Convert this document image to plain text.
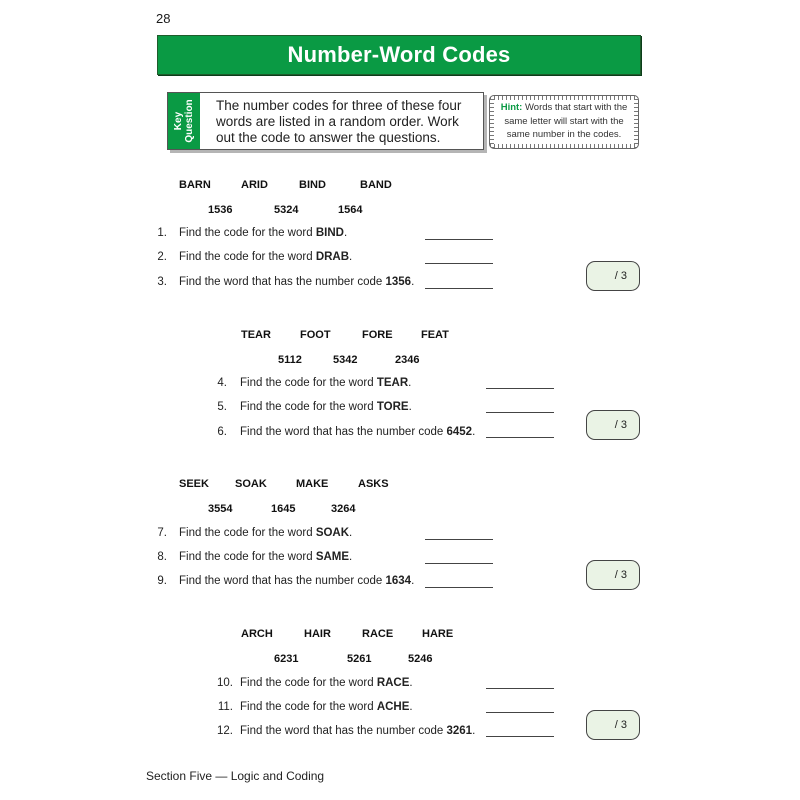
28
Number-Word Codes
Key
Question The number codes for three of these four words are listed in a random order. Work out the code to answer the questions.
Hint: Words that start with the same letter will start with the same number in the codes.
BARN	ARID	BIND	BAND
1536	5324	1564
1. Find the code for the word BIND.
2. Find the code for the word DRAB.
3. Find the word that has the number code 1356.	/ 3
TEAR	FOOT	FORE	FEAT
5112	5342	2346
4. Find the code for the word TEAR.
5. Find the code for the word TORE.
6. Find the word that has the number code 6452.
/ 3
SEEK SOAK	MAKE	ASKS
3554	1645	3264
7. Find the code for the word SOAK.
8. Find the code for the word SAME.
9. Find the word that has the number code 1634.	/ 3
ARCH	HAIR	RACE	HARE
6231	5261	5246
10. Find the code for the word RACE.
11. Find the code for the word ACHE.
12. Find the word that has the number code 3261.	/ 3
Section Five — Logic and Coding
